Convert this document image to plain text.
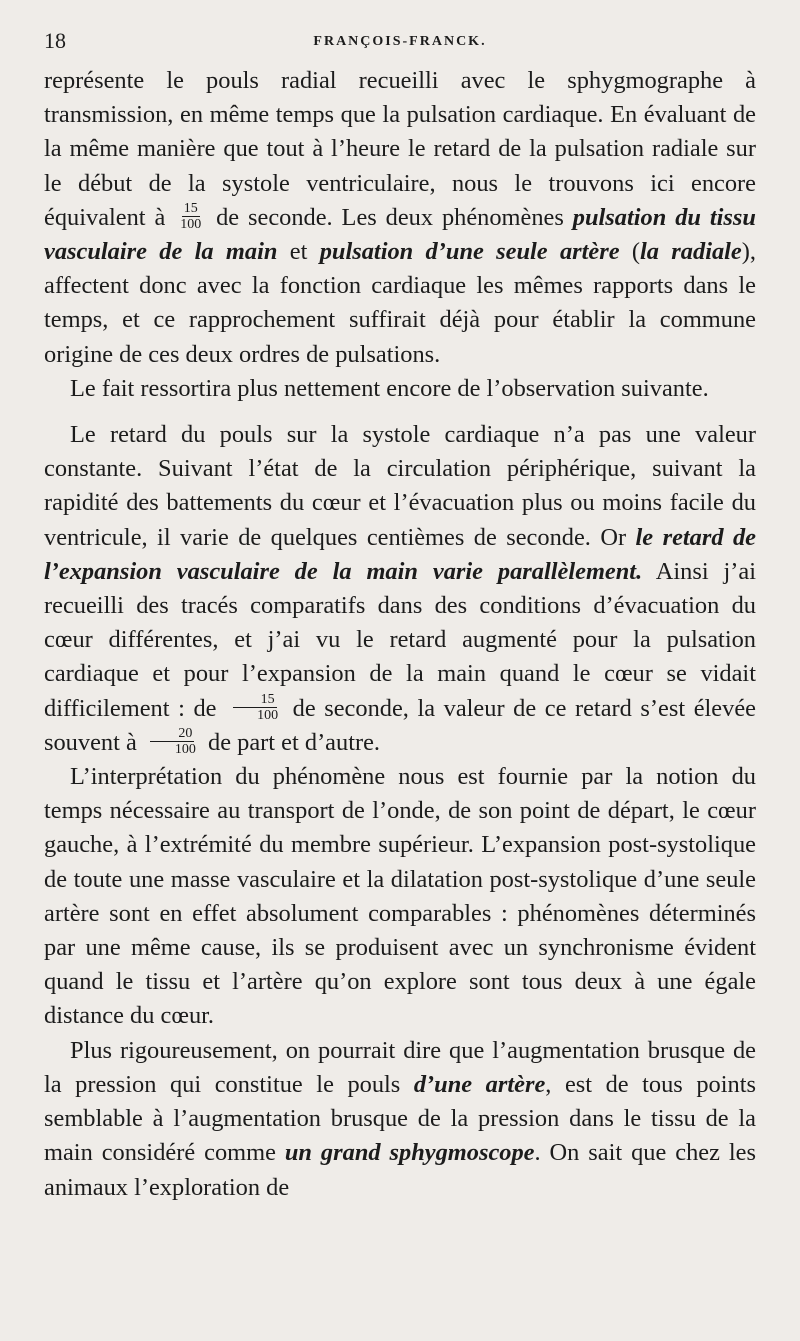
18	FRANÇOIS-FRANCK.

représente le pouls radial recueilli avec le sphygmographe à transmission, en même temps que la pulsation cardiaque. En évaluant de la même manière que tout à l’heure le retard de la pulsation radiale sur le début de la systole ventriculaire, nous le trouvons ici encore équivalent à $\frac{15}{100}$ de seconde. Les deux phénomènes pulsation du tissu vasculaire de la main et pulsation d’une seule artère (la radiale), affectent donc avec la fonction cardiaque les mêmes rapports dans le temps, et ce rapprochement suffirait déjà pour établir la commune origine de ces deux ordres de pulsations.

Le fait ressortira plus nettement encore de l’observation suivante.

Le retard du pouls sur la systole cardiaque n’a pas une valeur constante. Suivant l’état de la circulation périphérique, suivant la rapidité des battements du cœur et l’évacuation plus ou moins facile du ventricule, il varie de quelques centièmes de seconde. Or le retard de l’expansion vasculaire de la main varie parallèlement. Ainsi j’ai recueilli des tracés comparatifs dans des conditions d’évacuation du cœur différentes, et j’ai vu le retard augmenté pour la pulsation cardiaque et pour l’expansion de la main quand le cœur se vidait difficilement : de $\frac{15}{100}$ de seconde, la valeur de ce retard s’est élevée souvent à $\frac{20}{100}$ de part et d’autre.

L’interprétation du phénomène nous est fournie par la notion du temps nécessaire au transport de l’onde, de son point de départ, le cœur gauche, à l’extrémité du membre supérieur. L’expansion post-systolique de toute une masse vasculaire et la dilatation post-systolique d’une seule artère sont en effet absolument comparables : phénomènes déterminés par une même cause, ils se produisent avec un synchronisme évident quand le tissu et l’artère qu’on explore sont tous deux à une égale distance du cœur.

Plus rigoureusement, on pourrait dire que l’augmentation brusque de la pression qui constitue le pouls d’une artère, est de tous points semblable à l’augmentation brusque de la pression dans le tissu de la main considéré comme un grand sphygmoscope. On sait que chez les animaux l’exploration de
